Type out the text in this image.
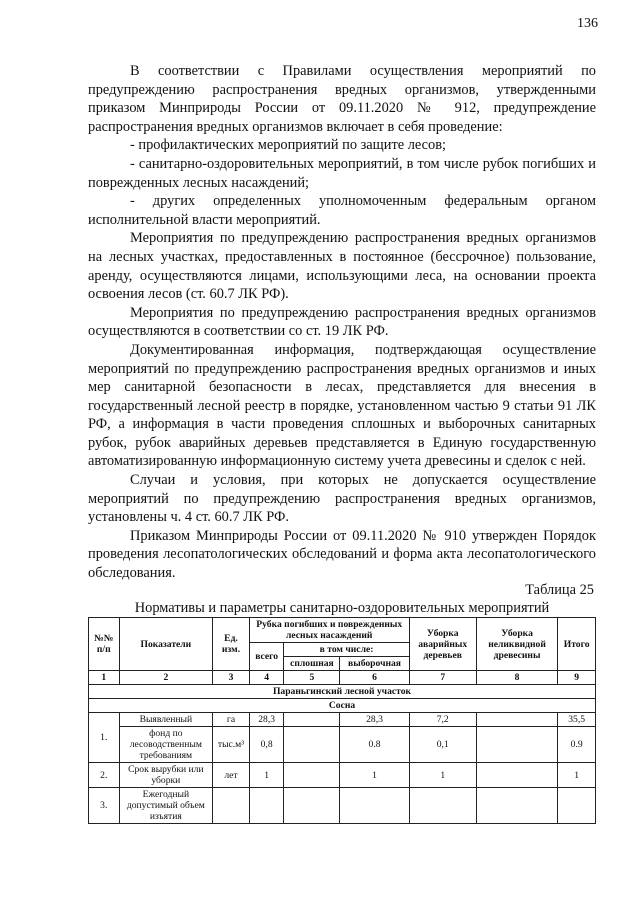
136

В соответствии с Правилами осуществления мероприятий по предупреждению распространения вредных организмов, утвержденными приказом Минприроды России от 09.11.2020 № 912, предупреждение распространения вредных организмов включает в себя проведение:

- профилактических мероприятий по защите лесов;

- санитарно-оздоровительных мероприятий, в том числе рубок погибших и поврежденных лесных насаждений;

- других определенных уполномоченным федеральным органом исполнительной власти мероприятий.

Мероприятия по предупреждению распространения вредных организмов на лесных участках, предоставленных в постоянное (бессрочное) пользование, аренду, осуществляются лицами, использующими леса, на основании проекта освоения лесов (ст. 60.7 ЛК РФ).

Мероприятия по предупреждению распространения вредных организмов осуществляются в соответствии со ст. 19 ЛК РФ.

Документированная информация, подтверждающая осуществление мероприятий по предупреждению распространения вредных организмов и иных мер санитарной безопасности в лесах, представляется для внесения в государственный лесной реестр в порядке, установленном частью 9 статьи 91 ЛК РФ, а информация в части проведения сплошных и выборочных санитарных рубок, рубок аварийных деревьев представляется в Единую государственную автоматизированную информационную систему учета древесины и сделок с ней.

Случаи и условия, при которых не допускается осуществление мероприятий по предупреждению распространения вредных организмов, установлены ч. 4 ст. 60.7 ЛК РФ.

Приказом Минприроды России от 09.11.2020 № 910 утвержден Порядок проведения лесопатологических обследований и форма акта лесопатологического обследования.

Таблица 25
Нормативы и параметры санитарно-оздоровительных мероприятий
№№ п/п	Показатели	Ед. изм.	Рубка погибших и поврежденных лесных насаждений			Уборка аварийных деревьев	Уборка неликвидной древесины	Итого
			всего	в том числе:				
				сплошная	выборочная			
1	2	3	4	5	6	7	8	9
Параньгинский лесной участок								
Сосна								
1.	Выявленный	га	28,3		28,3	7,2		35,5
	фонд по лесоводственным требованиям	тыс.м³	0,8		0.8	0,1		0.9
2.	Срок вырубки или уборки	лет	1		1	1		1
3.	Ежегодный допустимый объем изъятия							
